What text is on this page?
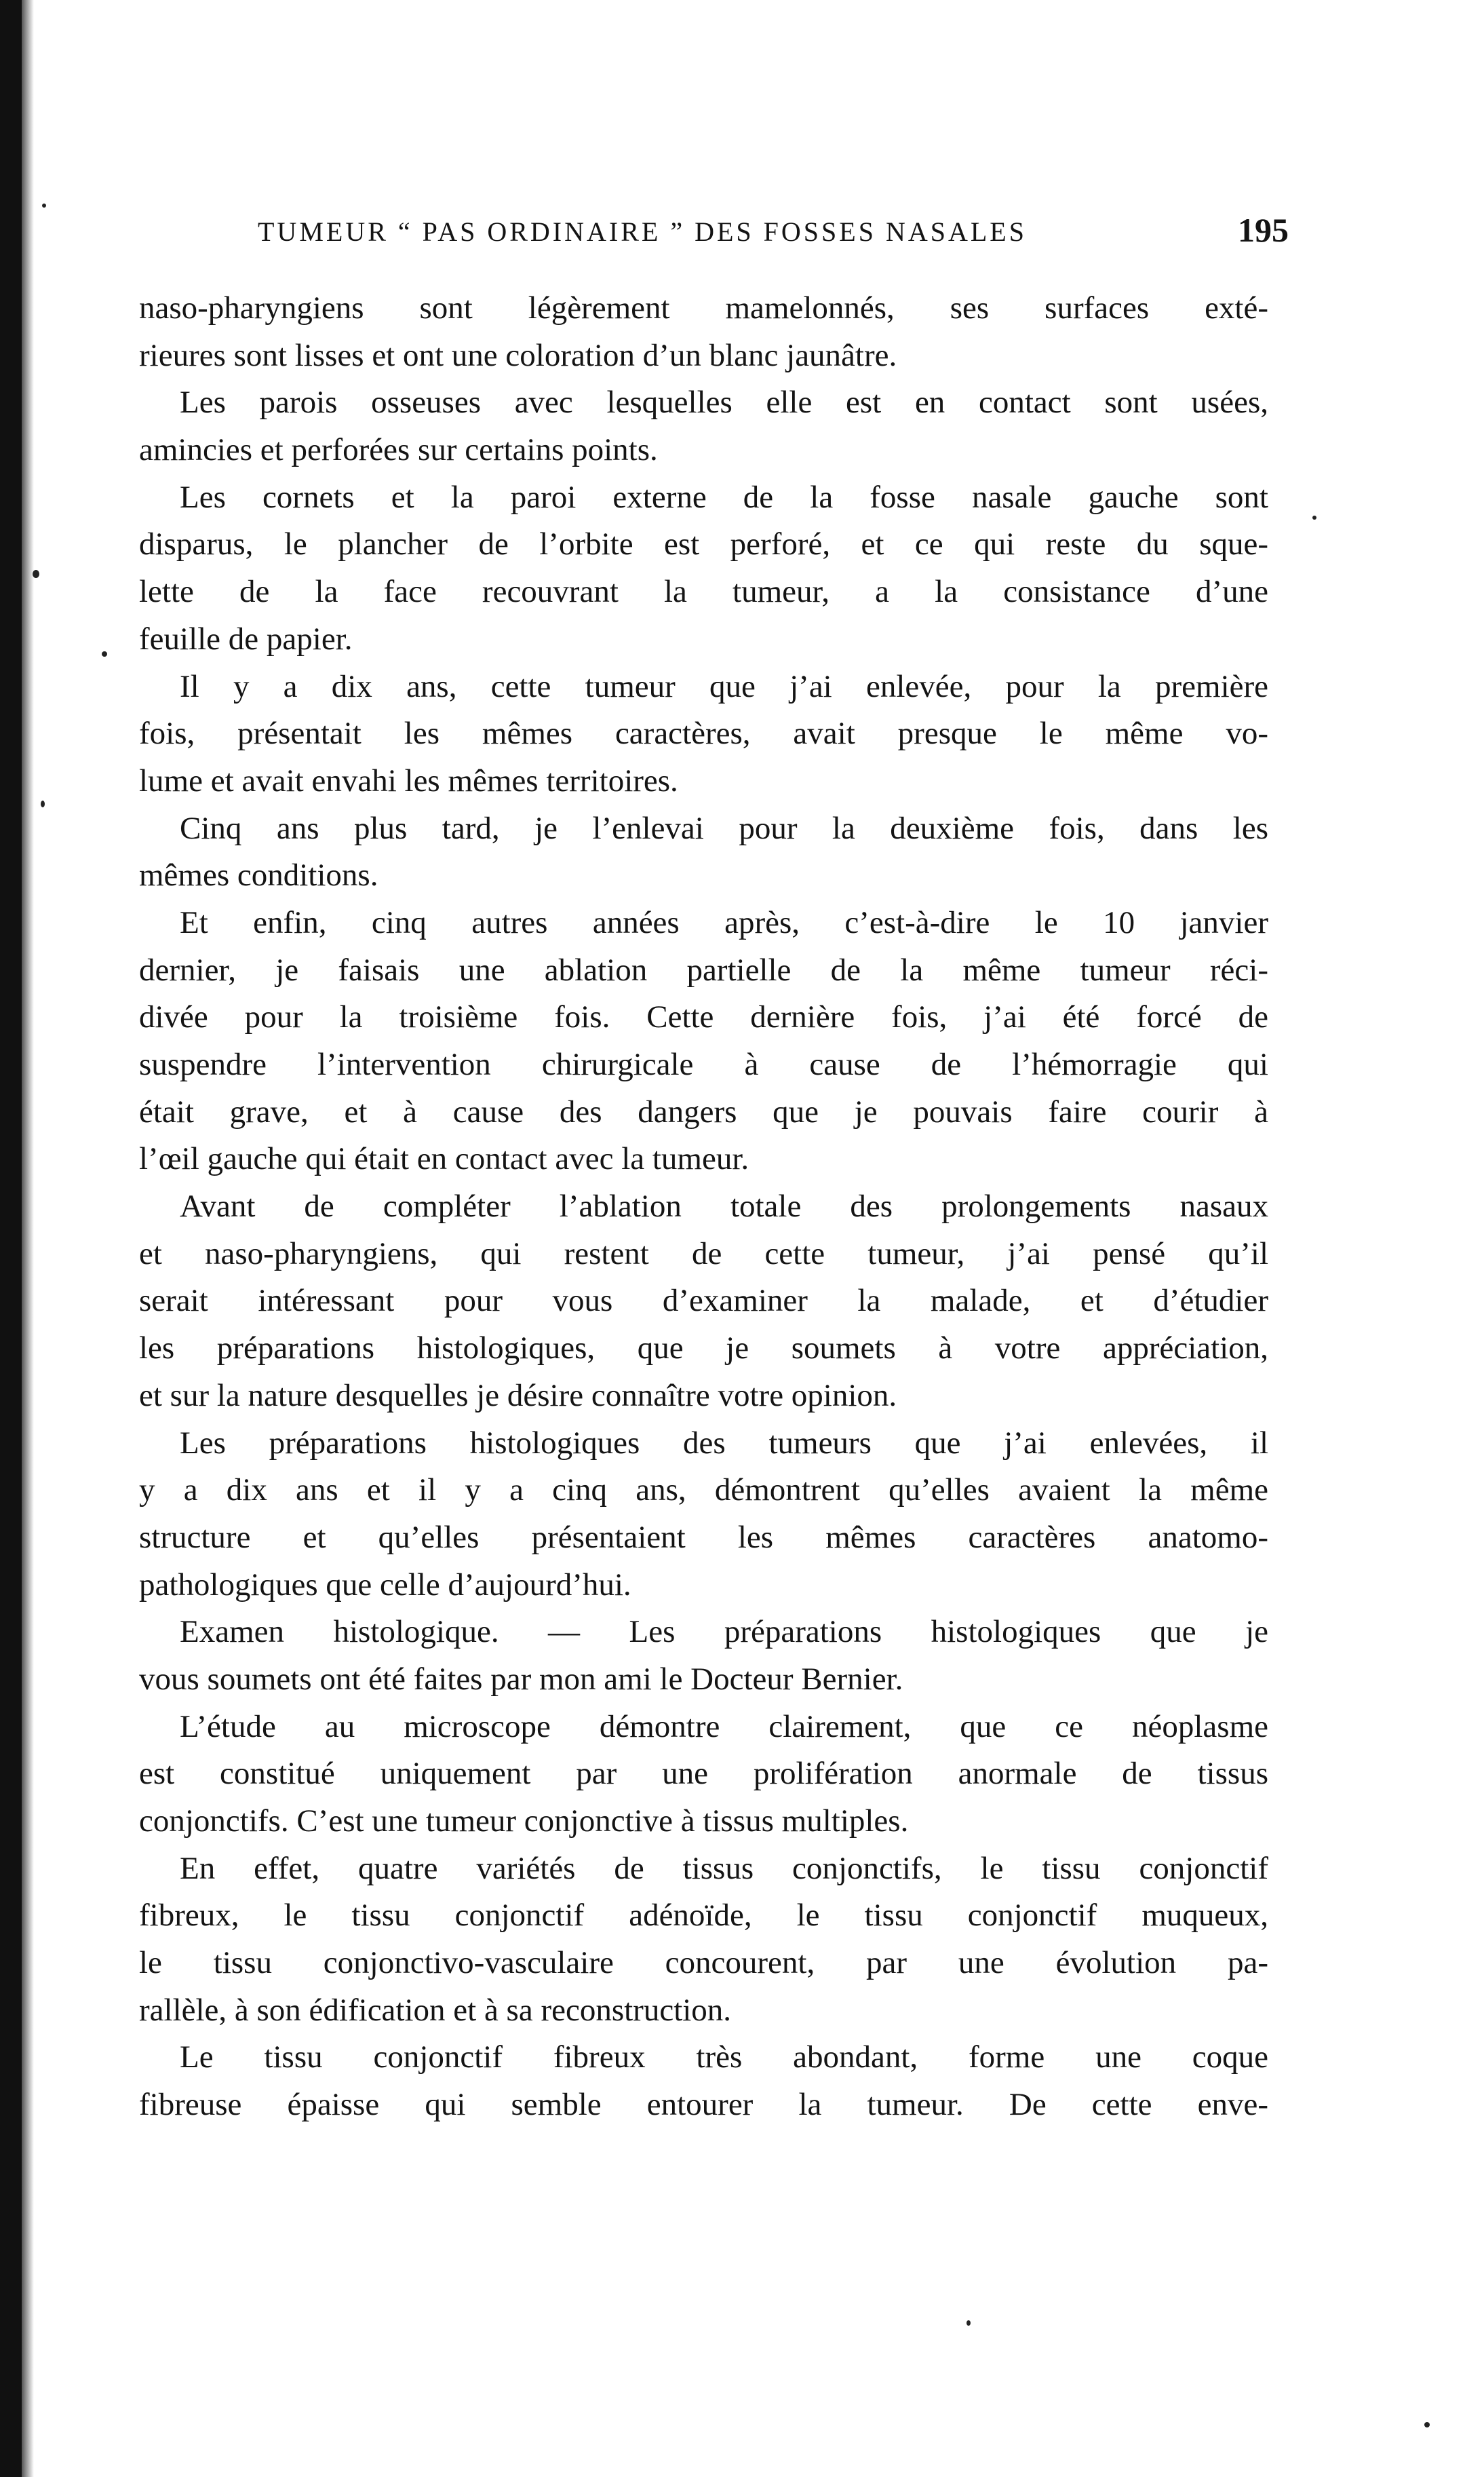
TUMEUR “ PAS ORDINAIRE ” DES FOSSES NASALES	195
naso-pharyngiens sont légèrement mamelonnés, ses surfaces exté-
rieures sont lisses et ont une coloration d’un blanc jaunâtre.
Les parois osseuses avec lesquelles elle est en contact sont usées,
amincies et perforées sur certains points.
Les cornets et la paroi externe de la fosse nasale gauche sont
disparus, le plancher de l’orbite est perforé, et ce qui reste du sque-
lette de la face recouvrant la tumeur, a la consistance d’une
feuille de papier.
Il y a dix ans, cette tumeur que j’ai enlevée, pour la première
fois, présentait les mêmes caractères, avait presque le même vo-
lume et avait envahi les mêmes territoires.
Cinq ans plus tard, je l’enlevai pour la deuxième fois, dans les
mêmes conditions.
Et enfin, cinq autres années après, c’est-à-dire le 10 janvier
dernier, je faisais une ablation partielle de la même tumeur réci-
divée pour la troisième fois. Cette dernière fois, j’ai été forcé de
suspendre l’intervention chirurgicale à cause de l’hémorragie qui
était grave, et à cause des dangers que je pouvais faire courir à
l’œil gauche qui était en contact avec la tumeur.
Avant de compléter l’ablation totale des prolongements nasaux
et naso-pharyngiens, qui restent de cette tumeur, j’ai pensé qu’il
serait intéressant pour vous d’examiner la malade, et d’étudier
les préparations histologiques, que je soumets à votre appréciation,
et sur la nature desquelles je désire connaître votre opinion.
Les préparations histologiques des tumeurs que j’ai enlevées, il
y a dix ans et il y a cinq ans, démontrent qu’elles avaient la même
structure et qu’elles présentaient les mêmes caractères anatomo-
pathologiques que celle d’aujourd’hui.
Examen histologique. — Les préparations histologiques que je
vous soumets ont été faites par mon ami le Docteur Bernier.
L’étude au microscope démontre clairement, que ce néoplasme
est constitué uniquement par une prolifération anormale de tissus
conjonctifs. C’est une tumeur conjonctive à tissus multiples.
En effet, quatre variétés de tissus conjonctifs, le tissu conjonctif
fibreux, le tissu conjonctif adénoïde, le tissu conjonctif muqueux,
le tissu conjonctivo-vasculaire concourent, par une évolution pa-
rallèle, à son édification et à sa reconstruction.
Le tissu conjonctif fibreux très abondant, forme une coque
fibreuse épaisse qui semble entourer la tumeur. De cette enve-
